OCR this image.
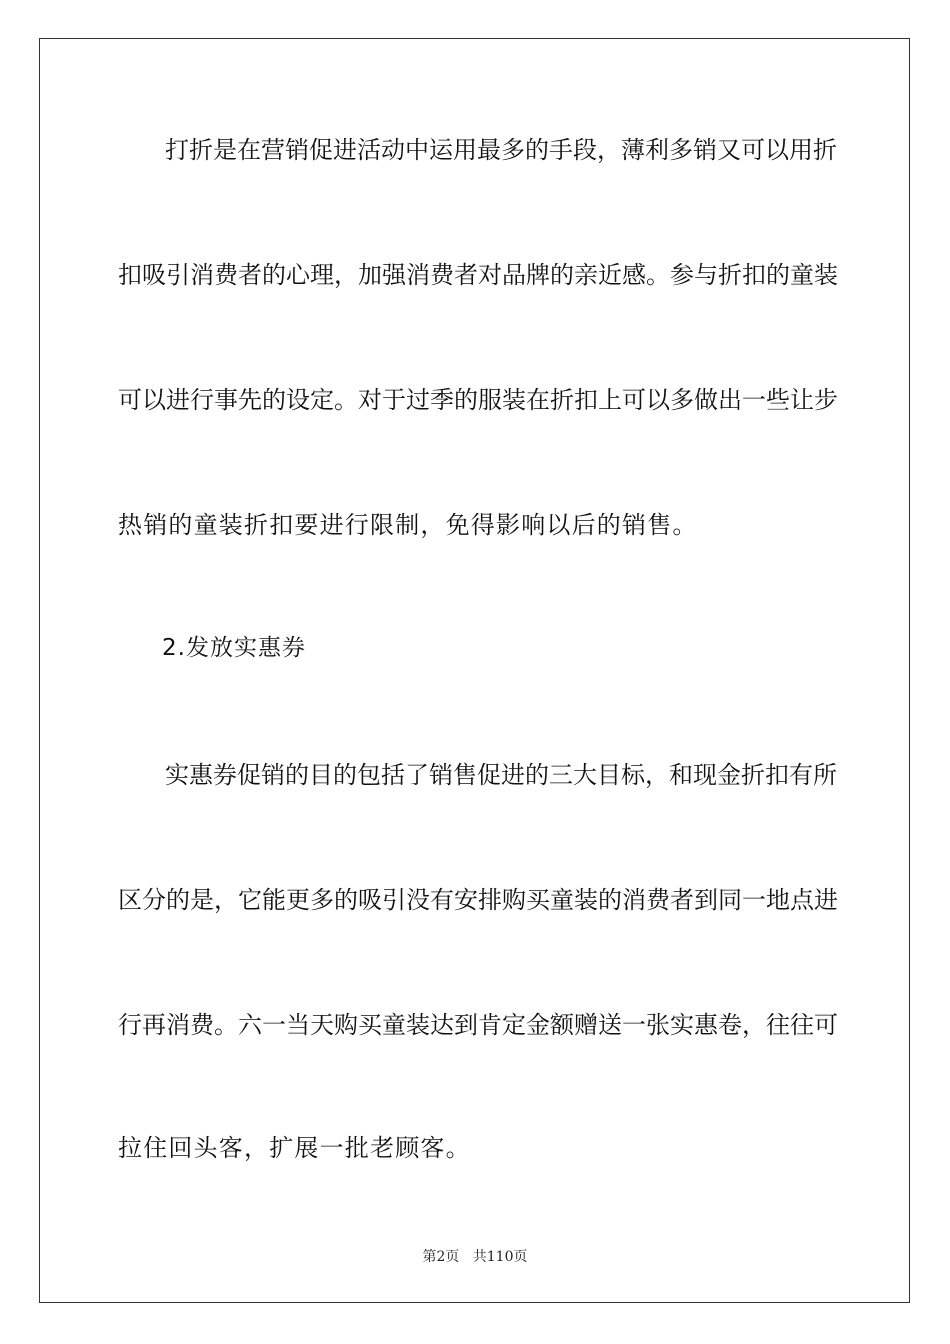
打折是在营销促进活动中运用最多的手段，薄利多销又可以用折
扣吸引消费者的心理，加强消费者对品牌的亲近感。参与折扣的童装
可以进行事先的设定。对于过季的服装在折扣上可以多做出一些让步
热销的童装折扣要进行限制，免得影响以后的销售。
2.发放实惠券
实惠券促销的目的包括了销售促进的三大目标，和现金折扣有所
区分的是，它能更多的吸引没有安排购买童装的消费者到同一地点进
行再消费。六一当天购买童装达到肯定金额赠送一张实惠卷，往往可
拉住回头客，扩展一批老顾客。
第2页 共110页
